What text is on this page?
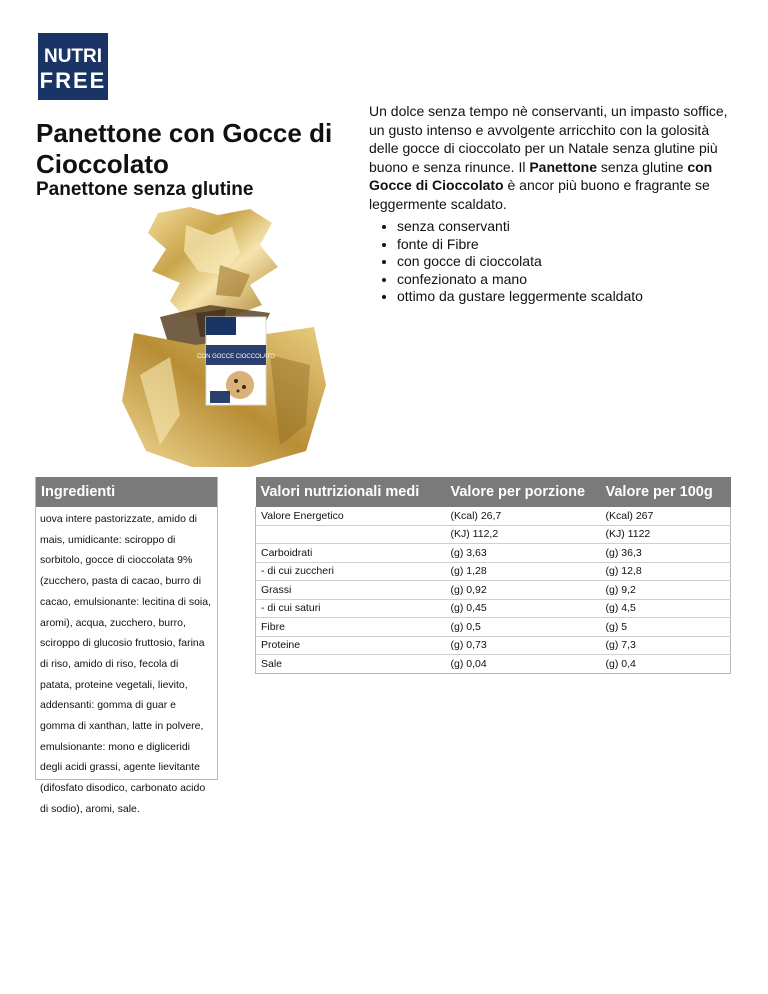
NUTRI
FREE
Panettone con Gocce di Cioccolato
Panettone senza glutine

Un dolce senza tempo nè conservanti, un impasto soffice, un gusto intenso e avvolgente arricchito con la golosità delle gocce di cioccolato per un Natale senza glutine più buono e senza rinunce. Il Panettone senza glutine con Gocce di Cioccolato è ancor più buono e fragrante se leggermente scaldato.

• senza conservanti
• fonte di Fibre
• con gocce di cioccolata
• confezionato a mano
• ottimo da gustare leggermente scaldato
CON GOCCE CIOCCOLATO
Ingredienti
uova intere pastorizzate, amido di mais, umidicante: sciroppo di sorbitolo, gocce di cioccolata 9% (zucchero, pasta di cacao, burro di cacao, emulsionante: lecitina di soia, aromi), acqua, zucchero, burro, sciroppo di glucosio fruttosio, farina di riso, amido di riso, fecola di patata, proteine vegetali, lievito, addensanti: gomma di guar e gomma di xanthan, latte in polvere, emulsionante: mono e digliceridi degli acidi grassi, agente lievitante (difosfato disodico, carbonato acido di sodio), aromi, sale.
Valori nutrizionali medi	Valore per porzione	Valore per 100g
Valore Energetico	(Kcal) 26,7	(Kcal) 267
	(KJ) 112,2	(KJ) 1122
Carboidrati	(g) 3,63	(g) 36,3
- di cui zuccheri	(g) 1,28	(g) 12,8
Grassi	(g) 0,92	(g) 9,2
- di cui saturi	(g) 0,45	(g) 4,5
Fibre	(g) 0,5	(g) 5
Proteine	(g) 0,73	(g) 7,3
Sale	(g) 0,04	(g) 0,4
